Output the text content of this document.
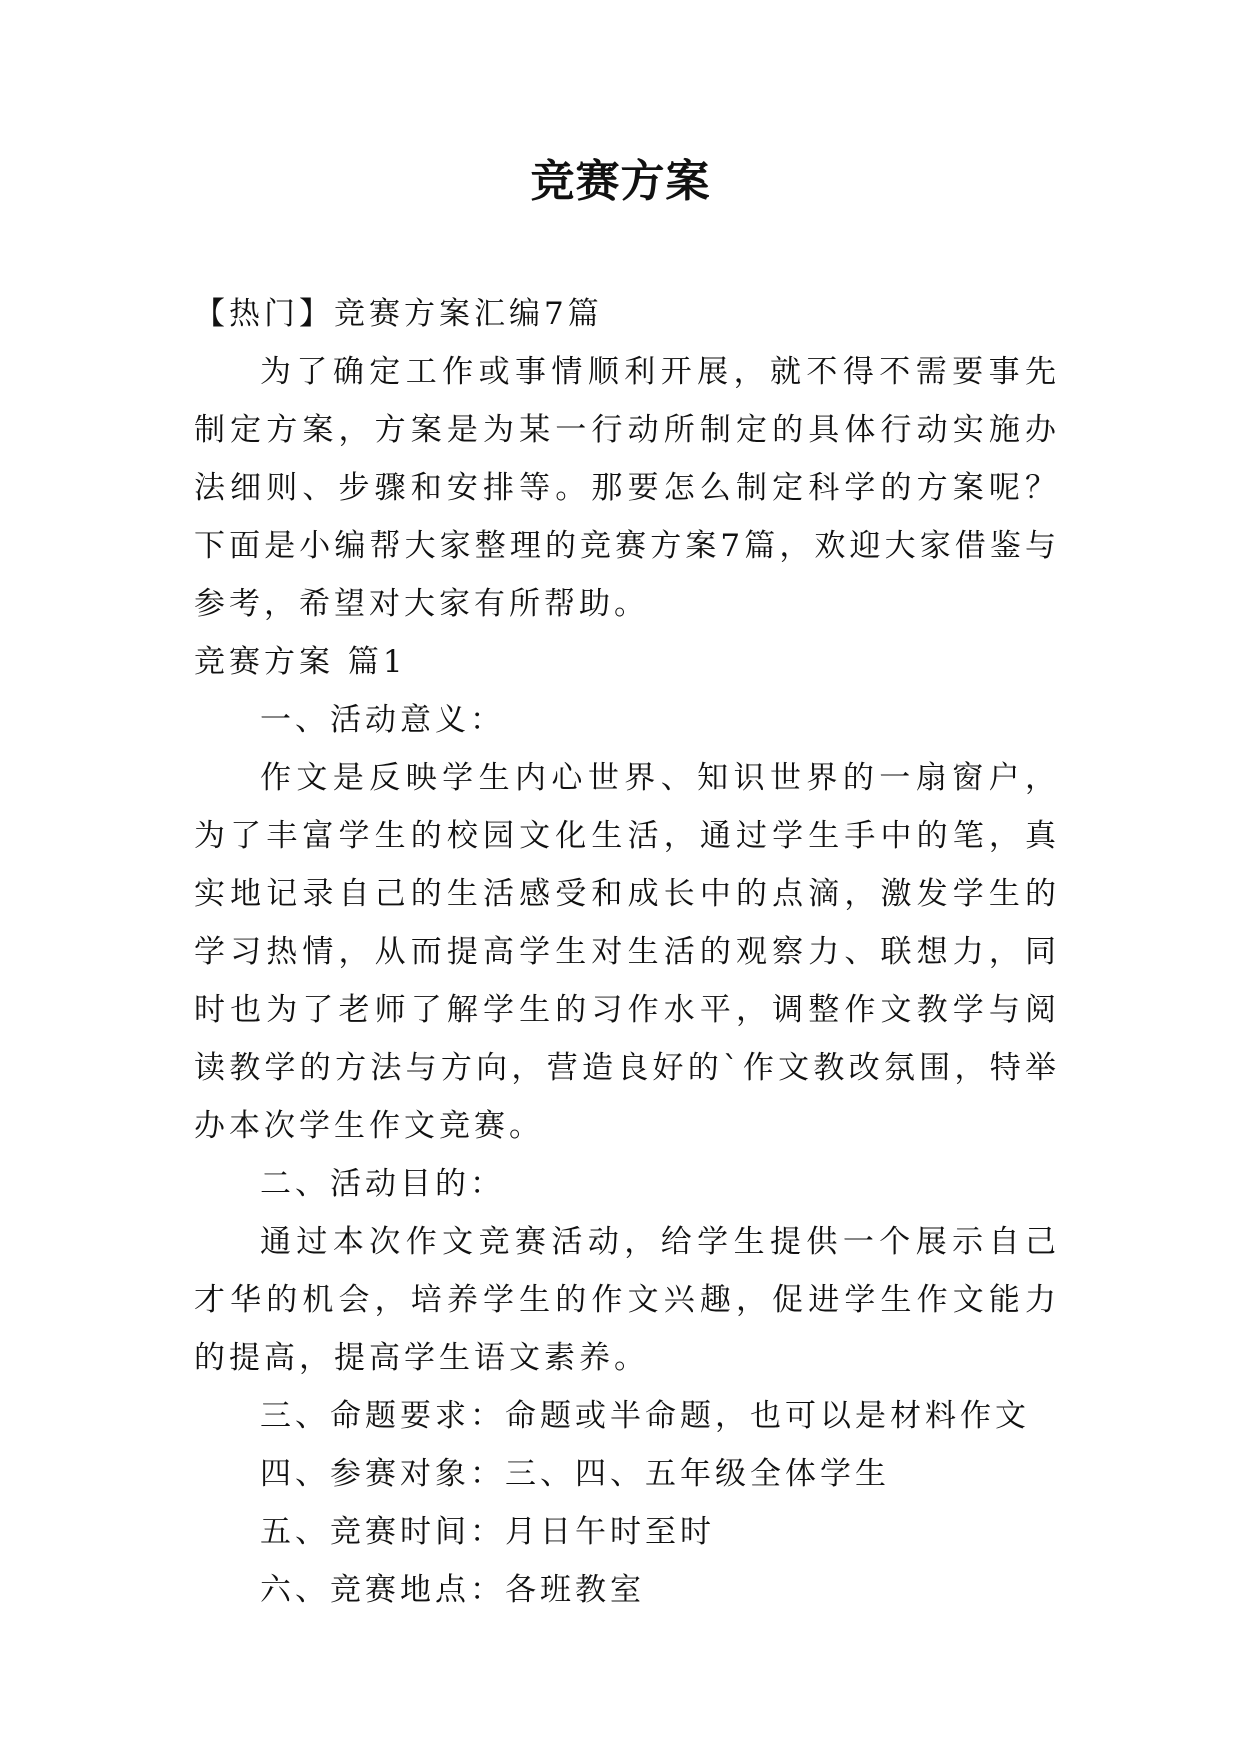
竞赛方案

【热门】竞赛方案汇编7篇

为了确定工作或事情顺利开展，就不得不需要事先制定方案，方案是为某一行动所制定的具体行动实施办法细则、步骤和安排等。那要怎么制定科学的方案呢？下面是小编帮大家整理的竞赛方案7篇，欢迎大家借鉴与参考，希望对大家有所帮助。

竞赛方案 篇1

一、活动意义：

作文是反映学生内心世界、知识世界的一扇窗户，为了丰富学生的校园文化生活，通过学生手中的笔，真实地记录自己的生活感受和成长中的点滴，激发学生的学习热情，从而提高学生对生活的观察力、联想力，同时也为了老师了解学生的习作水平，调整作文教学与阅读教学的方法与方向，营造良好的`作文教改氛围，特举办本次学生作文竞赛。

二、活动目的：

通过本次作文竞赛活动，给学生提供一个展示自己才华的机会，培养学生的作文兴趣，促进学生作文能力的提高，提高学生语文素养。

三、命题要求：命题或半命题，也可以是材料作文

四、参赛对象：三、四、五年级全体学生

五、竞赛时间：月日午时至时

六、竞赛地点：各班教室
